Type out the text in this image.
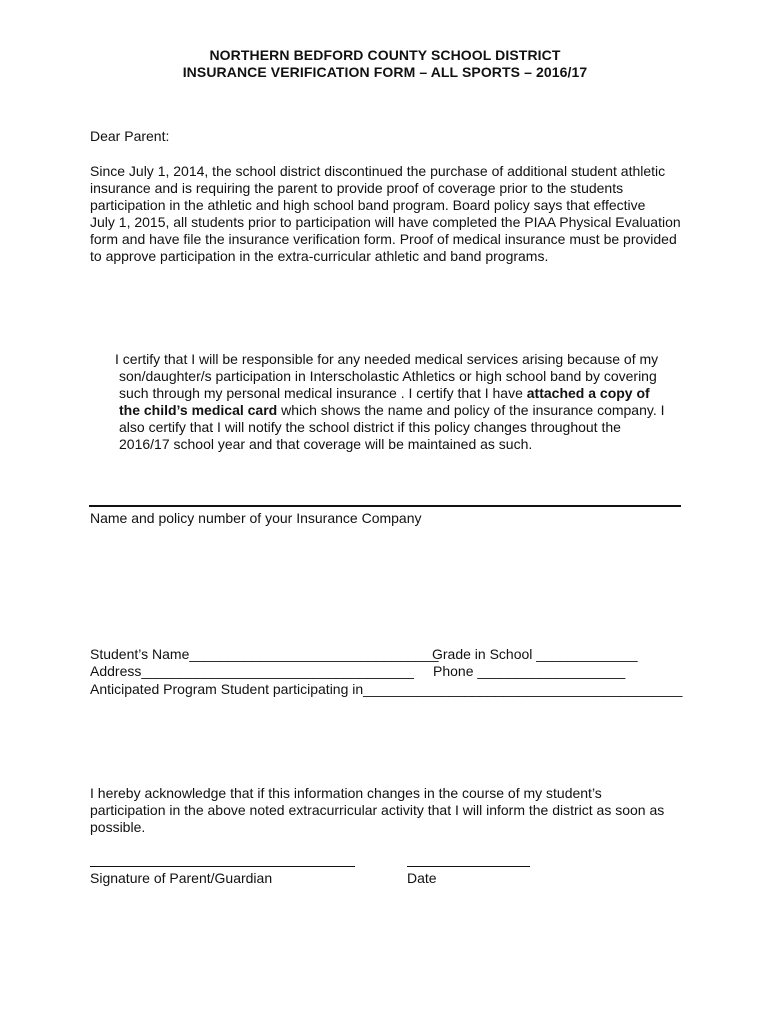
NORTHERN BEDFORD COUNTY SCHOOL DISTRICT
INSURANCE VERIFICATION FORM – ALL SPORTS – 2016/17

Dear Parent:

Since July 1, 2014, the school district discontinued the purchase of additional student athletic

insurance and is requiring the parent to provide proof of coverage prior to the students

participation in the athletic and high school band program. Board policy says that effective

July 1, 2015, all students prior to participation will have completed the PIAA Physical Evaluation

form and have file the insurance verification form. Proof of medical insurance must be provided

to approve participation in the extra-curricular athletic and band programs.

I certify that I will be responsible for any needed medical services arising because of my

son/daughter/s participation in Interscholastic Athletics or high school band by covering

such through my personal medical insurance . I certify that I have attached a copy of

the child’s medical card which shows the name and policy of the insurance company. I

also certify that I will notify the school district if this policy changes throughout the

2016/17 school year and that coverage will be maintained as such.

Name and policy number of your Insurance Company

Student’s Name________________________________

Grade in School _____________

Address___________________________________ Phone ___________________

Anticipated Program Student participating in_________________________________________

I hereby acknowledge that if this information changes in the course of my student’s

participation in the above noted extracurricular activity that I will inform the district as soon as

possible.

Signature of Parent/Guardian	Date
